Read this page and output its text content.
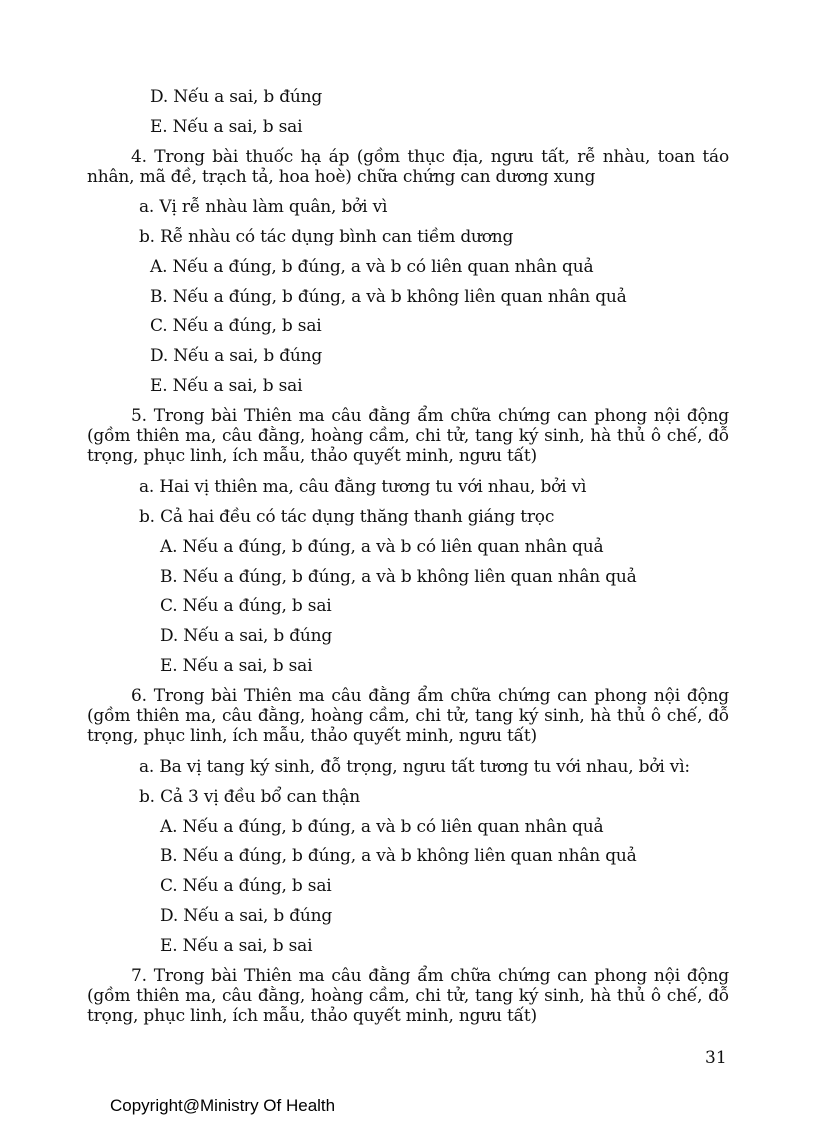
D. Nếu a sai, b đúng
E. Nếu a sai, b sai
4. Trong bài thuốc hạ áp (gồm thục địa, ngưu tất, rễ nhàu, toan táo nhân, mã đề, trạch tả, hoa hoè) chữa chứng can dương xung
a. Vị rễ nhàu làm quân, bởi vì
b. Rễ nhàu có tác dụng bình can tiềm dương
A. Nếu a đúng, b đúng, a và b có liên quan nhân quả
B. Nếu a đúng, b đúng, a và b không liên quan nhân quả
C. Nếu a đúng, b sai
D. Nếu a sai, b đúng
E. Nếu a sai, b sai
5. Trong bài Thiên ma câu đằng ẩm chữa chứng can phong nội động (gồm thiên ma, câu đằng, hoàng cầm, chi tử, tang ký sinh, hà thủ ô chế, đỗ trọng, phục linh, ích mẫu, thảo quyết minh, ngưu tất)
a. Hai vị thiên ma, câu đằng tương tu với nhau, bởi vì
b. Cả hai đều có tác dụng thăng thanh giáng trọc
A. Nếu a đúng, b đúng, a và b có liên quan nhân quả
B. Nếu a đúng, b đúng, a và b không liên quan nhân quả
C. Nếu a đúng, b sai
D. Nếu a sai, b đúng
E. Nếu a sai, b sai
6. Trong bài Thiên ma câu đằng ẩm chữa chứng can phong nội động (gồm thiên ma, câu đằng, hoàng cầm, chi tử, tang ký sinh, hà thủ ô chế, đỗ trọng, phục linh, ích mẫu, thảo quyết minh, ngưu tất)
a. Ba vị tang ký sinh, đỗ trọng, ngưu tất tương tu với nhau, bởi vì:
b. Cả 3 vị đều bổ can thận
A. Nếu a đúng, b đúng, a và b có liên quan nhân quả
B. Nếu a đúng, b đúng, a và b không liên quan nhân quả
C. Nếu a đúng, b sai
D. Nếu a sai, b đúng
E. Nếu a sai, b sai
7. Trong bài Thiên ma câu đằng ẩm chữa chứng can phong nội động (gồm thiên ma, câu đằng, hoàng cầm, chi tử, tang ký sinh, hà thủ ô chế, đỗ trọng, phục linh, ích mẫu, thảo quyết minh, ngưu tất)
31
Copyright@Ministry Of Health
